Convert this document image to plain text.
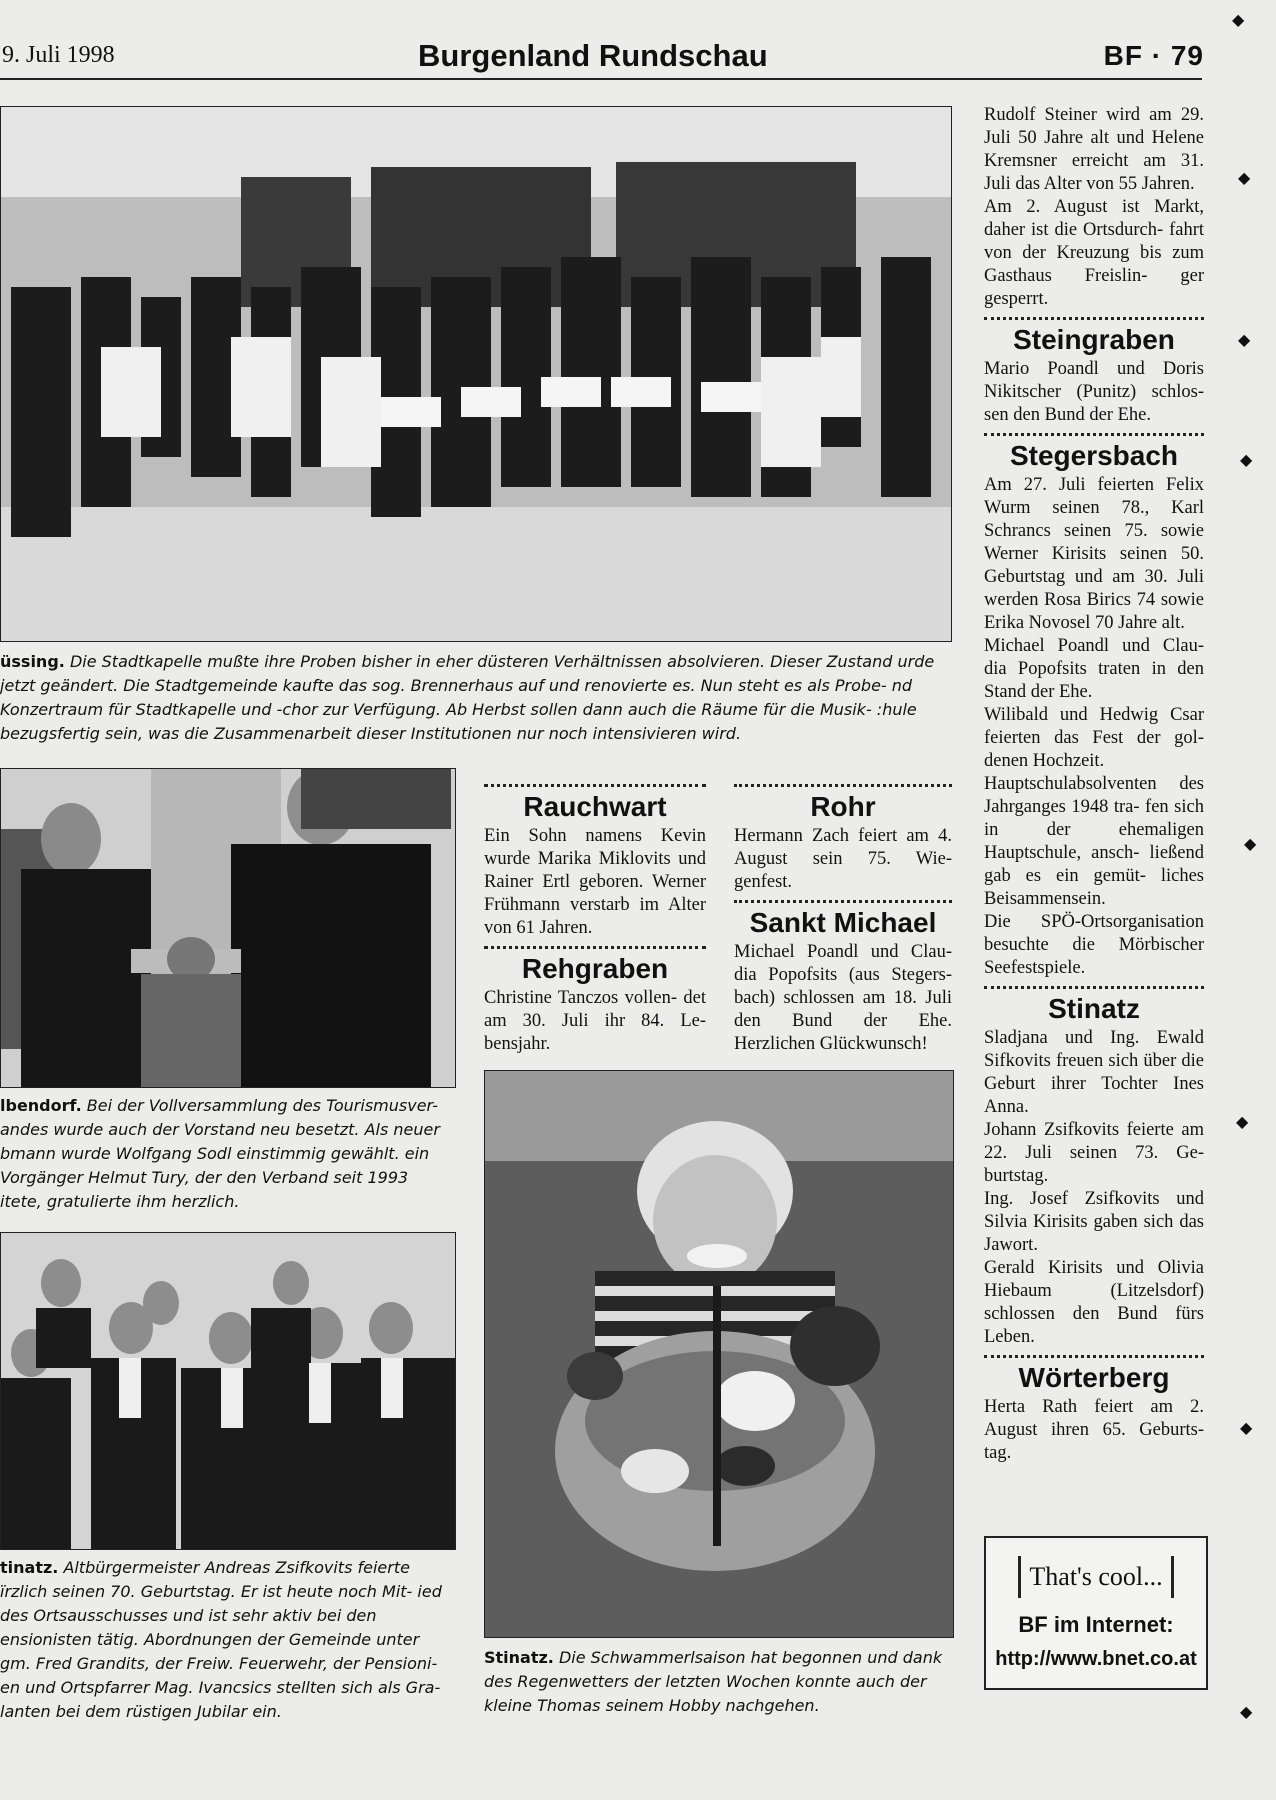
9. Juli 1998	Burgenland Rundschau	BF · 79

üssing. Die Stadtkapelle mußte ihre Proben bisher in eher düsteren Verhältnissen absolvieren. Dieser Zustand urde jetzt geändert. Die Stadtgemeinde kaufte das sog. Brennerhaus auf und renovierte es. Nun steht es als Probe- nd Konzertraum für Stadtkapelle und -chor zur Verfügung. Ab Herbst sollen dann auch die Räume für die Musik- :hule bezugsfertig sein, was die Zusammenarbeit dieser Institutionen nur noch intensivieren wird.

lbendorf. Bei der Vollversammlung des Tourismusver- andes wurde auch der Vorstand neu besetzt. Als neuer bmann wurde Wolfgang Sodl einstimmig gewählt. ein Vorgänger Helmut Tury, der den Verband seit 1993 itete, gratulierte ihm herzlich.

tinatz. Altbürgermeister Andreas Zsifkovits feierte ïrzlich seinen 70. Geburtstag. Er ist heute noch Mit- ied des Ortsausschusses und ist sehr aktiv bei den ensionisten tätig. Abordnungen der Gemeinde unter gm. Fred Grandits, der Freiw. Feuerwehr, der Pensioni- en und Ortspfarrer Mag. Ivancsics stellten sich als Gra- lanten bei dem rüstigen Jubilar ein.

Rauchwart

Ein Sohn namens Kevin wurde Marika Miklovits und Rainer Ertl geboren. Werner Frühmann verstarb im Alter von 61 Jahren.

Rehgraben

Christine Tanczos vollen- det am 30. Juli ihr 84. Le- bensjahr.

Rohr

Hermann Zach feiert am 4. August sein 75. Wie- genfest.

Sankt Michael

Michael Poandl und Clau- dia Popofsits (aus Stegers- bach) schlossen am 18. Juli den Bund der Ehe. Herzlichen Glückwunsch!

Stinatz. Die Schwammerlsaison hat begonnen und dank des Regenwetters der letzten Wochen konnte auch der kleine Thomas seinem Hobby nachgehen.

Rudolf Steiner wird am 29. Juli 50 Jahre alt und Helene Kremsner erreicht am 31. Juli das Alter von 55 Jahren.

Am 2. August ist Markt, daher ist die Ortsdurch- fahrt von der Kreuzung bis zum Gasthaus Freislin- ger gesperrt.

Steingraben

Mario Poandl und Doris Nikitscher (Punitz) schlos- sen den Bund der Ehe.

Stegersbach

Am 27. Juli feierten Felix Wurm seinen 78., Karl Schrancs seinen 75. sowie Werner Kirisits seinen 50. Geburtstag und am 30. Juli werden Rosa Birics 74 sowie Erika Novosel 70 Jahre alt.

Michael Poandl und Clau- dia Popofsits traten in den Stand der Ehe.

Wilibald und Hedwig Csar feierten das Fest der gol- denen Hochzeit.

Hauptschulabsolventen des Jahrganges 1948 tra- fen sich in der ehemaligen Hauptschule, ansch- ließend gab es ein gemüt- liches Beisammensein.

Die SPÖ-Ortsorganisation besuchte die Mörbischer Seefestspiele.

Stinatz

Sladjana und Ing. Ewald Sifkovits freuen sich über die Geburt ihrer Tochter Ines Anna.

Johann Zsifkovits feierte am 22. Juli seinen 73. Ge- burtstag.

Ing. Josef Zsifkovits und Silvia Kirisits gaben sich das Jawort.

Gerald Kirisits und Olivia Hiebaum (Litzelsdorf) schlossen den Bund fürs Leben.

Wörterberg

Herta Rath feiert am 2. August ihren 65. Geburts- tag.

That's cool...
BF im Internet:
http://www.bnet.co.at
◆
◆
◆
◆
◆
◆
◆
◆
